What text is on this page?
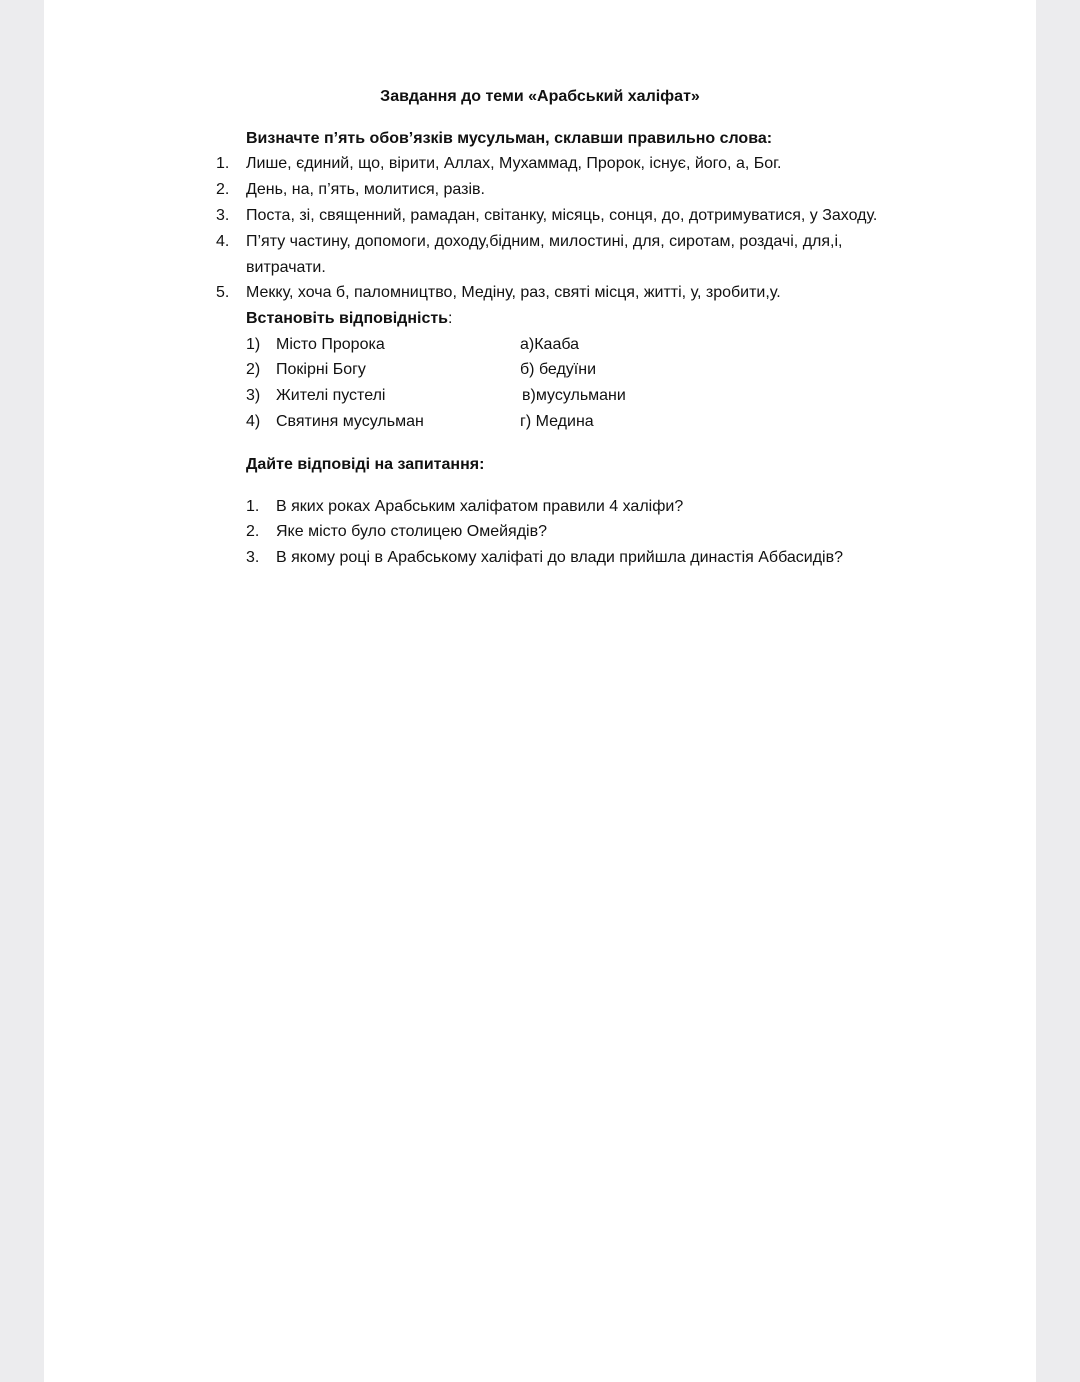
Завдання до теми «Арабський халіфат»
Визначте п’ять обов’язків мусульман, склавши правильно слова:
1. Лише, єдиний, що, вірити, Аллах, Мухаммад, Пророк, існує, його, а, Бог.
2. День, на, п’ять, молитися, разів.
3. Поста, зі, священний, рамадан, світанку, місяць, сонця, до, дотримуватися, у Заходу.
4. П’яту частину, допомоги, доходу,бідним, милостині, для, сиротам, роздачі, для,і,
витрачати.
5. Мекку, хоча б, паломництво, Медіну, раз, святі місця, житті, у, зробити,у.
Встановіть відповідність:
1) Місто Пророка	а)Кааба
2) Покірні Богу	б) бедуїни
3) Жителі пустелі	в)мусульмани
4) Святиня мусульман	г) Медина
Дайте відповіді на запитання:
1. В яких роках Арабським халіфатом правили 4 халіфи?
2. Яке місто було столицею Омейядів?
3. В якому році в Арабському халіфаті до влади прийшла династія Аббасидів?
